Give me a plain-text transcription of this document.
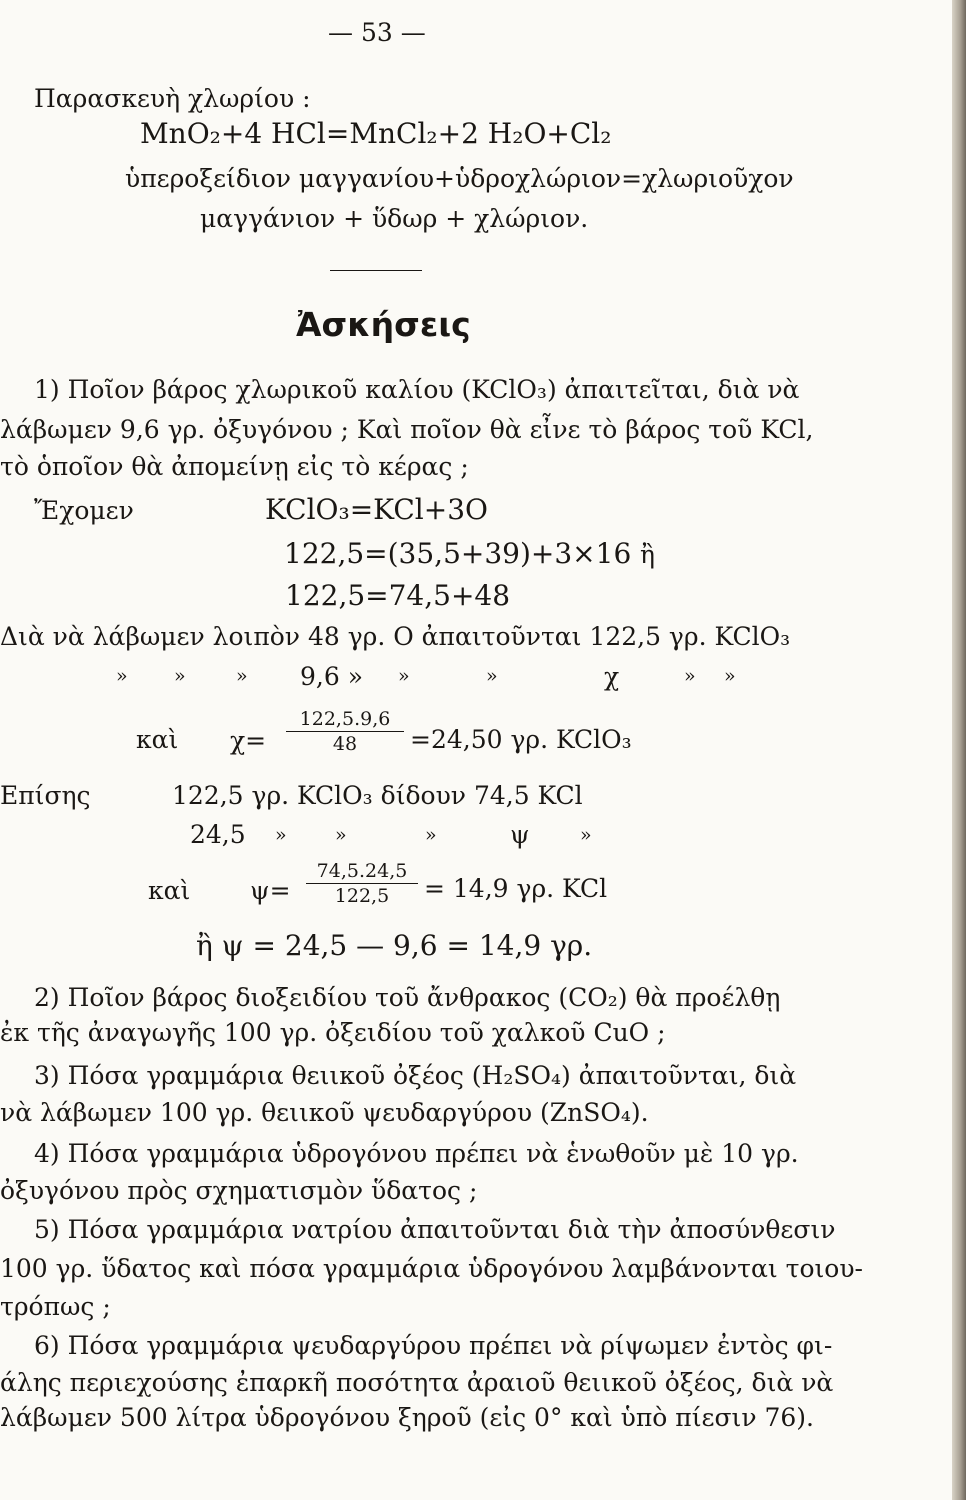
— 53 —
Παρασκευὴ χλωρίου :
MnO₂+4 HCl=MnCl₂+2 H₂O+Cl₂
ὑπεροξείδιον μαγγανίου+ὑδροχλώριον=χλωριοῦχον
μαγγάνιον + ὕδωρ + χλώριον.
Ἀσκήσεις
1) Ποῖον βάρος χλωρικοῦ καλίου (KClO₃) ἀπαιτεῖται, διὰ νὰ
λάβωμεν 9,6 γρ. ὀξυγόνου ; Καὶ ποῖον θὰ εἶνε τὸ βάρος τοῦ KCl,
τὸ ὁποῖον θὰ ἀπομείνῃ εἰς τὸ κέρας ;
Ἔχομεν	KClO₃=KCl+3O
122,5=(35,5+39)+3×16 ἢ
122,5=74,5+48
Διὰ νὰ λάβωμεν λοιπὸν 48 γρ. Ο ἀπαιτοῦνται 122,5 γρ. KClO₃
» »	» 9,6 » »	»	χ	» »
καὶ $\chi= \frac{122,5.9,6}{48} =24,50$ γρ. KClO₃
Επίσης	122,5 γρ. KClO₃ δίδουν 74,5 KCl
24,5 »	»	»	ψ	»
καὶ $\psi= \frac{74,5.24,5}{122,5} = 14,9$ γρ. KCl
ἢ ψ = 24,5 — 9,6 = 14,9 γρ.
2) Ποῖον βάρος διοξειδίου τοῦ ἄνθρακος (CO₂) θὰ προέλθῃ
ἐκ τῆς ἀναγωγῆς 100 γρ. ὀξειδίου τοῦ χαλκοῦ CuO ;
3) Πόσα γραμμάρια θειικοῦ ὀξέος (H₂SO₄) ἀπαιτοῦνται, διὰ
νὰ λάβωμεν 100 γρ. θειικοῦ ψευδαργύρου (ZnSO₄).
4) Πόσα γραμμάρια ὑδρογόνου πρέπει νὰ ἑνωθοῦν μὲ 10 γρ.
ὀξυγόνου πρὸς σχηματισμὸν ὕδατος ;
5) Πόσα γραμμάρια νατρίου ἀπαιτοῦνται διὰ τὴν ἀποσύνθεσιν
100 γρ. ὕδατος καὶ πόσα γραμμάρια ὑδρογόνου λαμβάνονται τοιου-
τρόπως ;
6) Πόσα γραμμάρια ψευδαργύρου πρέπει νὰ ρίψωμεν ἐντὸς φι-
άλης περιεχούσης ἐπαρκῆ ποσότητα ἀραιοῦ θειικοῦ ὀξέος, διὰ νὰ
λάβωμεν 500 λίτρα ὑδρογόνου ξηροῦ (εἰς 0° καὶ ὑπὸ πίεσιν 76).
